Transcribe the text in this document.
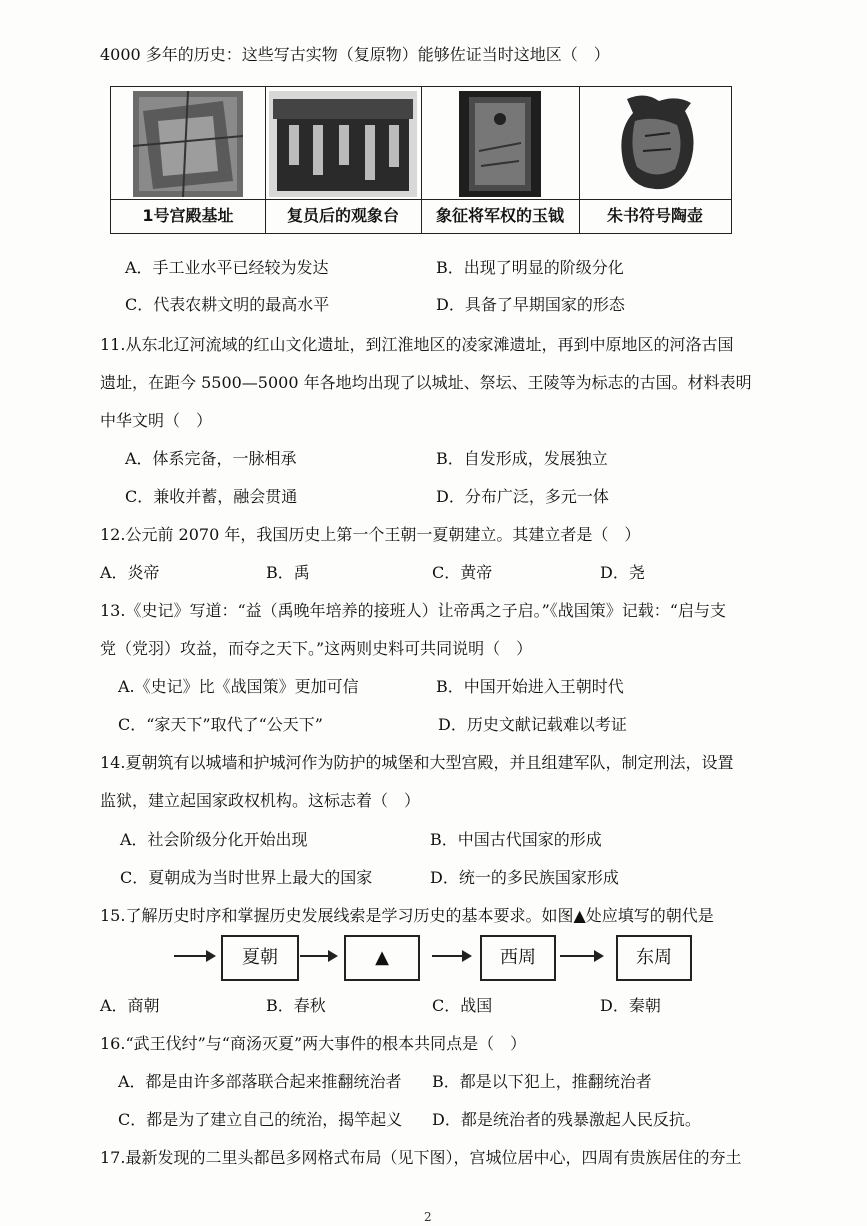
4000 多年的历史：这些写古实物（复原物）能够佐证当时这地区（　）
1号宫殿基址	复员后的观象台	象征将军权的玉钺	朱书符号陶壶
A．手工业水平已经较为发达	B．出现了明显的阶级分化
C．代表农耕文明的最高水平	D．具备了早期国家的形态
11.从东北辽河流域的红山文化遗址，到江淮地区的凌家滩遗址，再到中原地区的河洛古国
遗址，在距今 5500—5000 年各地均出现了以城址、祭坛、王陵等为标志的古国。材料表明
中华文明（　）
A．体系完备，一脉相承	B．自发形成，发展独立
C．兼收并蓄，融会贯通	D．分布广泛，多元一体
12.公元前 2070 年，我国历史上第一个王朝一夏朝建立。其建立者是（　）
A．炎帝	B．禹	C．黄帝	D．尧
13.《史记》写道：“益（禹晚年培养的接班人）让帝禹之子启。”《战国策》记载：“启与支
党（党羽）攻益，而夺之天下。”这两则史料可共同说明（　）
A.《史记》比《战国策》更加可信	B．中国开始进入王朝时代
C．“家天下”取代了“公天下”	D．历史文献记载难以考证
14.夏朝筑有以城墙和护城河作为防护的城堡和大型宫殿，并且组建军队，制定刑法，设置
监狱，建立起国家政权机构。这标志着（　）
A．社会阶级分化开始出现	B．中国古代国家的形成
C．夏朝成为当时世界上最大的国家	D．统一的多民族国家形成
15.了解历史时序和掌握历史发展线索是学习历史的基本要求。如图▲处应填写的朝代是
夏朝	▲	西周	东周
A．商朝	B．春秋	C．战国	D．秦朝
16.“武王伐纣”与“商汤灭夏”两大事件的根本共同点是（　）
A．都是由许多部落联合起来推翻统治者 B．都是以下犯上，推翻统治者
C．都是为了建立自己的统治，揭竿起义 D．都是统治者的残暴激起人民反抗。
17.最新发现的二里头都邑多网格式布局（见下图），宫城位居中心，四周有贵族居住的夯土
2
